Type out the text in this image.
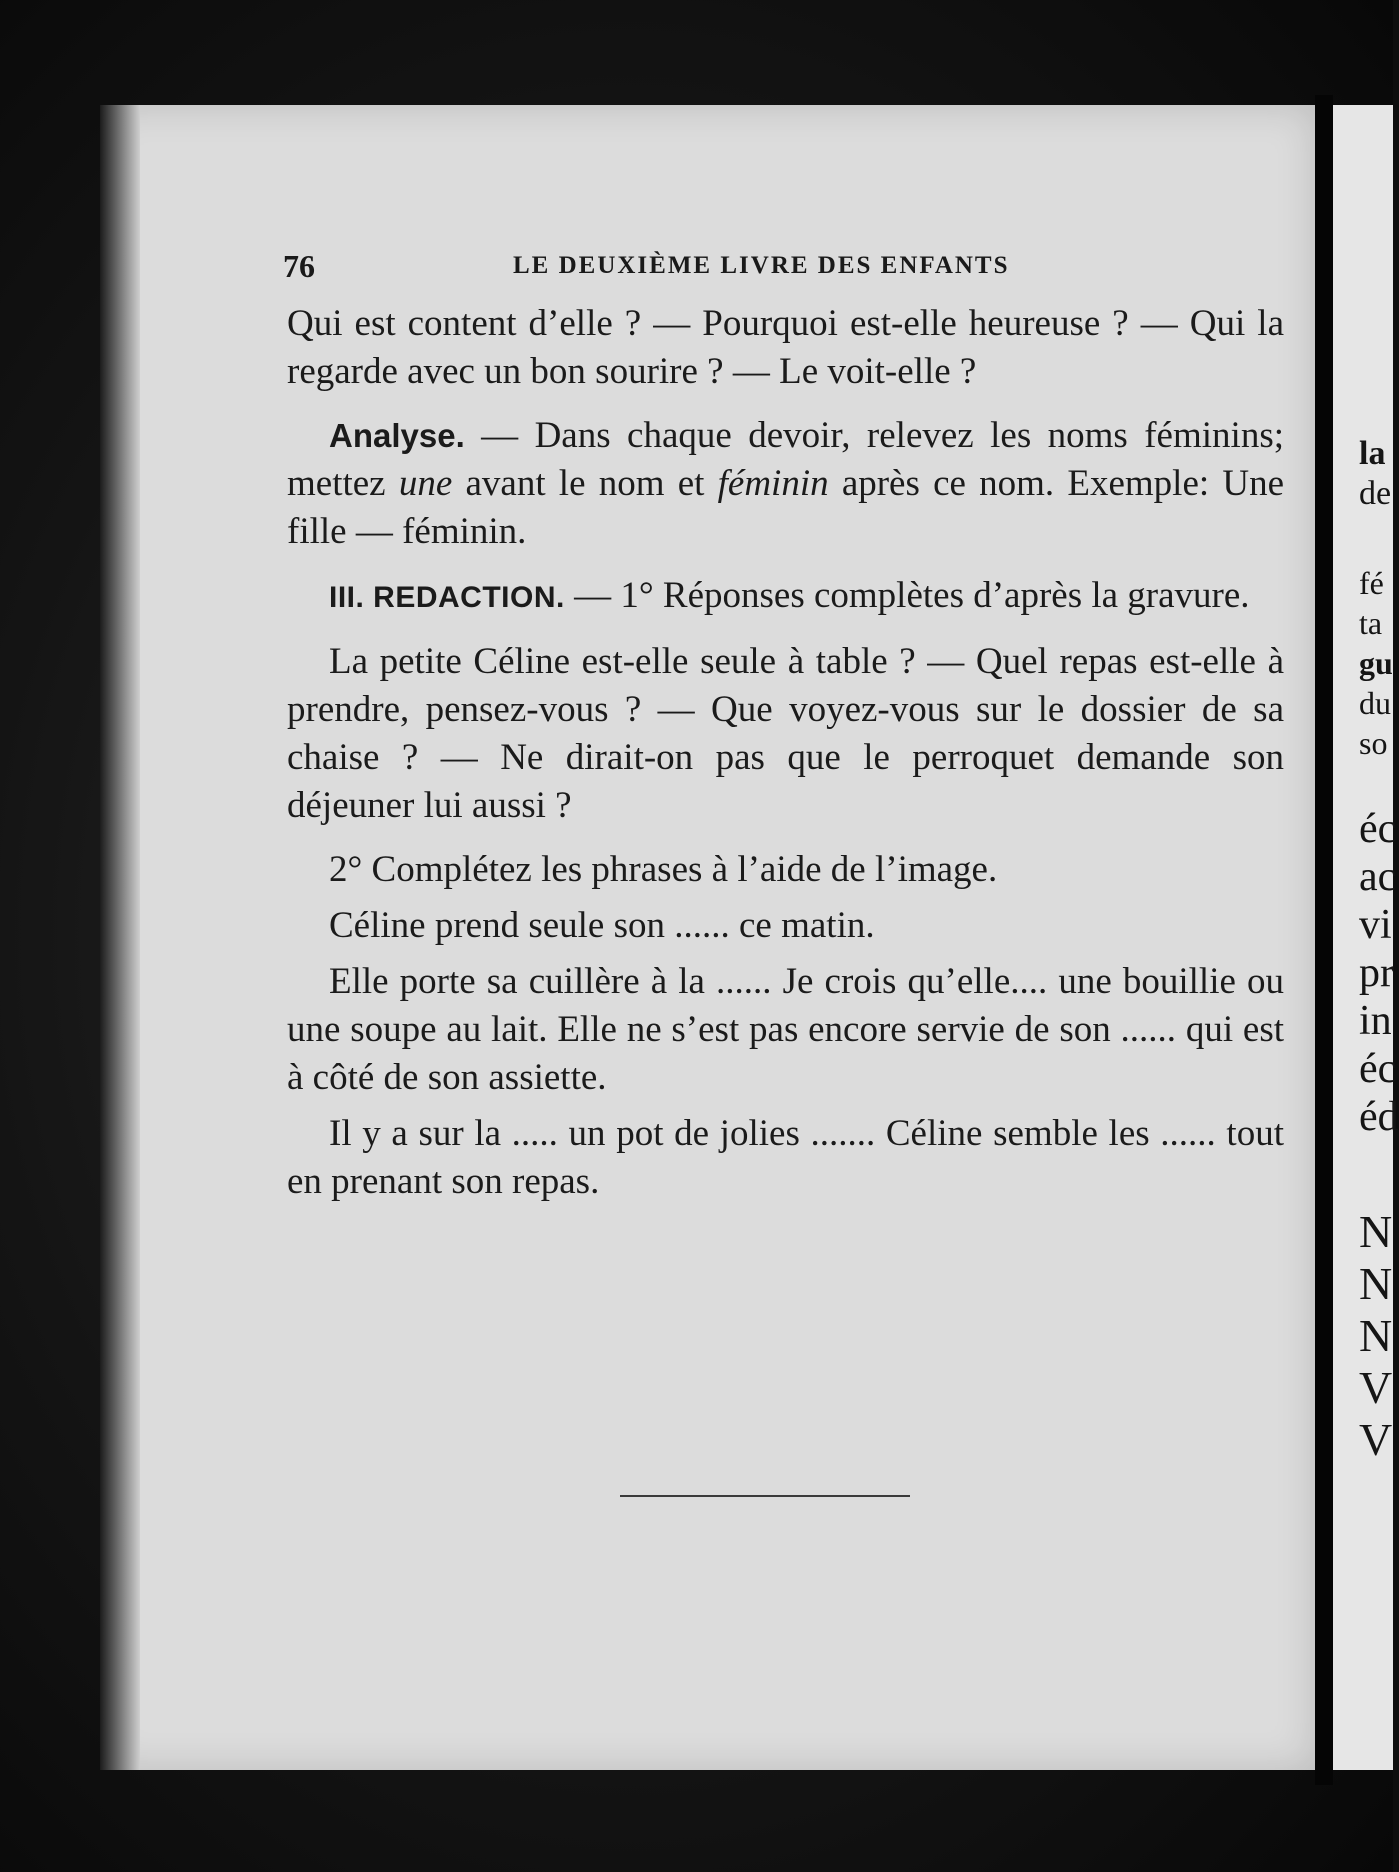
la
de
fé
ta
gu
du
so
éc
ac
vi
pr
in
éc
éd
N
N
N
V
V
76	LE DEUXIÈME LIVRE DES ENFANTS

Qui est content d’elle ? — Pourquoi est-elle heureuse ? — Qui la regarde avec un bon sourire ? — Le voit-elle ?

Analyse. — Dans chaque devoir, relevez les noms féminins; mettez une avant le nom et féminin après ce nom. Exemple: Une fille — féminin.

III. REDACTION. — 1° Réponses complètes d’après la gravure.

La petite Céline est-elle seule à table ? — Quel repas est-elle à prendre, pensez-vous ? — Que voyez-vous sur le dossier de sa chaise ? — Ne dirait-on pas que le perroquet demande son déjeuner lui aussi ?

2° Complétez les phrases à l’aide de l’image.

Céline prend seule son ...... ce matin.

Elle porte sa cuillère à la ...... Je crois qu’elle.... une bouillie ou une soupe au lait. Elle ne s’est pas encore servie de son ...... qui est à côté de son assiette.

Il y a sur la ..... un pot de jolies ....... Céline semble les ...... tout en prenant son repas.
